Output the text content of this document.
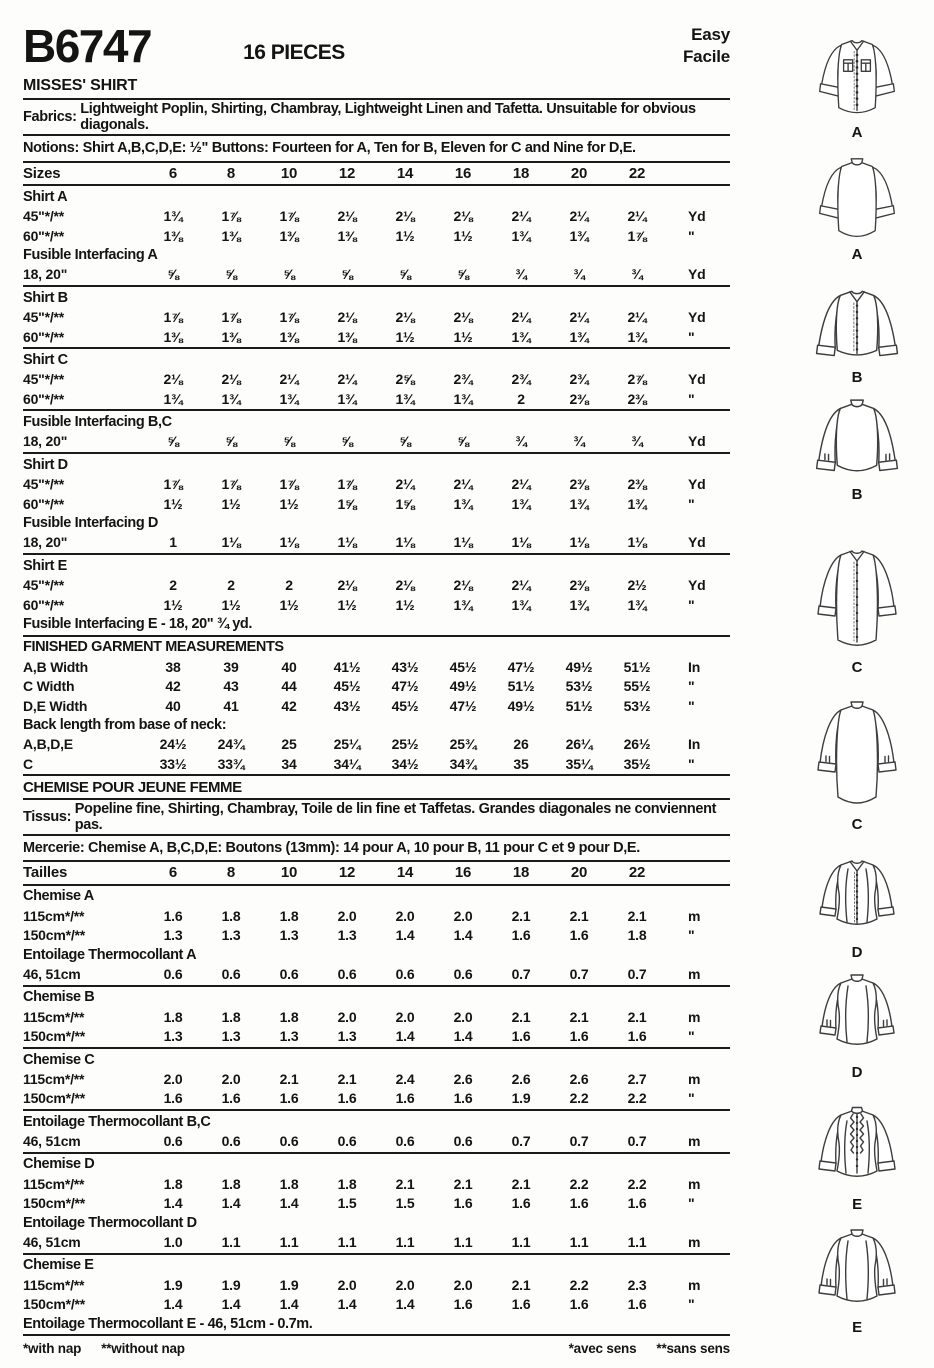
B6747	16 PIECES
Easy
Facile
MISSES' SHIRT
Fabrics: Lightweight Poplin, Shirting, Chambray, Lightweight Linen and Tafetta. Unsuitable for obvious diagonals.
Notions: Shirt A,B,C,D,E: ½" Buttons: Fourteen for A, Ten for B, Eleven for C and Nine for D,E.
Sizes	6	8	10	12	14	16	18	20	22
Shirt A
45"*/**	1¾	1⅞	1⅞	2⅛	2⅛	2⅛	2¼	2¼	2¼	Yd
60"*/**	1⅜	1⅜	1⅜	1⅜	1½	1½	1¾	1¾	1⅞	"
Fusible Interfacing A
18, 20"	⅝	⅝	⅝	⅝	⅝	⅝	¾	¾	¾	Yd
Shirt B
45"*/**	1⅞	1⅞	1⅞	2⅛	2⅛	2⅛	2¼	2¼	2¼	Yd
60"*/**	1⅜	1⅜	1⅜	1⅜	1½	1½	1¾	1¾	1¾	"
Shirt C
45"*/**	2⅛	2⅛	2¼	2¼	2⅝	2¾	2¾	2¾	2⅞	Yd
60"*/**	1¾	1¾	1¾	1¾	1¾	1¾	2	2⅜	2⅜	"
Fusible Interfacing B,C
18, 20"	⅝	⅝	⅝	⅝	⅝	⅝	¾	¾	¾	Yd
Shirt D
45"*/**	1⅞	1⅞	1⅞	1⅞	2¼	2¼	2¼	2⅜	2⅜	Yd
60"*/**	1½	1½	1½	1⅝	1⅝	1¾	1¾	1¾	1¾	"
Fusible Interfacing D
18, 20"	1	1⅛	1⅛	1⅛	1⅛	1⅛	1⅛	1⅛	1⅛	Yd
Shirt E
45"*/**	2	2	2	2⅛	2⅛	2⅛	2¼	2⅜	2½	Yd
60"*/**	1½	1½	1½	1½	1½	1¾	1¾	1¾	1¾	"
Fusible Interfacing E - 18, 20" ¾ yd.
FINISHED GARMENT MEASUREMENTS
A,B Width	38	39	40	41½	43½	45½	47½	49½	51½	In
C Width	42	43	44	45½	47½	49½	51½	53½	55½	"
D,E Width	40	41	42	43½	45½	47½	49½	51½	53½	"
Back length from base of neck:
A,B,D,E	24½	24¾	25	25¼	25½	25¾	26	26¼	26½	In
C	33½	33¾	34	34¼	34½	34¾	35	35¼	35½	"
CHEMISE POUR JEUNE FEMME
Tissus: Popeline fine, Shirting, Chambray, Toile de lin fine et Taffetas. Grandes diagonales ne conviennent pas.
Mercerie: Chemise A, B,C,D,E: Boutons (13mm): 14 pour A, 10 pour B, 11 pour C et 9 pour D,E.
Tailles	6	8	10	12	14	16	18	20	22
Chemise A
115cm*/**	1.6	1.8	1.8	2.0	2.0	2.0	2.1	2.1	2.1	m
150cm*/**	1.3	1.3	1.3	1.3	1.4	1.4	1.6	1.6	1.8	"
Entoilage Thermocollant A
46, 51cm	0.6	0.6	0.6	0.6	0.6	0.6	0.7	0.7	0.7	m
Chemise B
115cm*/**	1.8	1.8	1.8	2.0	2.0	2.0	2.1	2.1	2.1	m
150cm*/**	1.3	1.3	1.3	1.3	1.4	1.4	1.6	1.6	1.6	"
Chemise C
115cm*/**	2.0	2.0	2.1	2.1	2.4	2.6	2.6	2.6	2.7	m
150cm*/**	1.6	1.6	1.6	1.6	1.6	1.6	1.9	2.2	2.2	"
Entoilage Thermocollant B,C
46, 51cm	0.6	0.6	0.6	0.6	0.6	0.6	0.7	0.7	0.7	m
Chemise D
115cm*/**	1.8	1.8	1.8	1.8	2.1	2.1	2.1	2.2	2.2	m
150cm*/**	1.4	1.4	1.4	1.5	1.5	1.6	1.6	1.6	1.6	"
Entoilage Thermocollant D
46, 51cm	1.0	1.1	1.1	1.1	1.1	1.1	1.1	1.1	1.1	m
Chemise E
115cm*/**	1.9	1.9	1.9	2.0	2.0	2.0	2.1	2.2	2.3	m
150cm*/**	1.4	1.4	1.4	1.4	1.4	1.6	1.6	1.6	1.6	"
Entoilage Thermocollant E - 46, 51cm - 0.7m.
*with nap **without nap	*avec sens **sans sens
A
A
B
B
C
C
D
D
E
E
